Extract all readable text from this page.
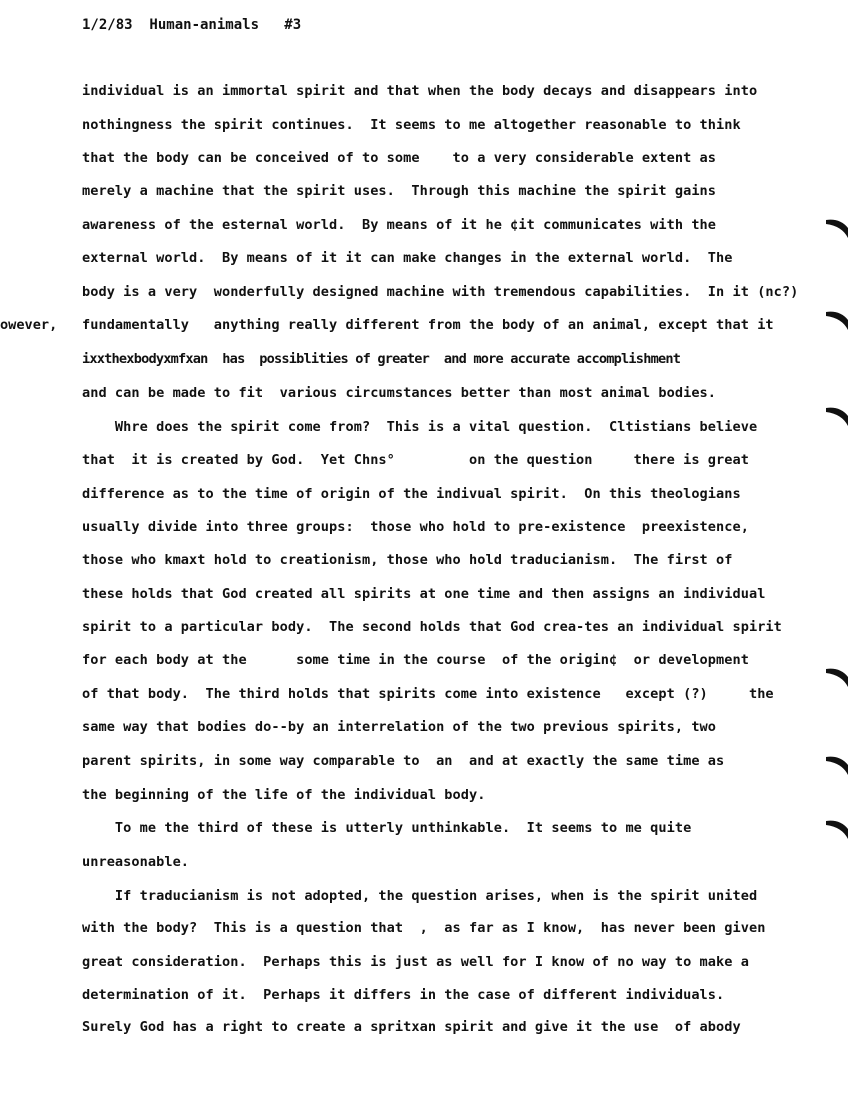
1/2/83  Human-animals   #3
owever,
individual is an immortal spirit and that when the body decays and disappears into
nothingness the spirit continues.  It seems to me altogether reasonable to think
that the body can be conceived of to some    to a very considerable extent as
merely a machine that the spirit uses.  Through this machine the spirit gains
awareness of the esternal world.  By means of it he ¢it communicates with the
external world.  By means of it it can make changes in the external world.  The
body is a very  wonderfully designed machine with tremendous capabilities.  In it (nc?)
fundamentally   anything really different from the body of an animal, except that it
ixxthexbodyxmfxan  has  possiblities of greater  and more accurate accomplishment
and can be made to fit  various circumstances better than most animal bodies.
Whre does the spirit come from?  This is a vital question.  Cltistians believe
that  it is created by God.  Yet Chns°         on the question     there is great
difference as to the time of origin of the indivual spirit.  On this theologians
usually divide into three groups:  those who hold to pre-existence  preexistence,
those who kmaxt hold to creationism, those who hold traducianism.  The first of
these holds that God created all spirits at one time and then assigns an individual
spirit to a particular body.  The second holds that God crea-tes an individual spirit
for each body at the      some time in the course  of the origin¢  or development
of that body.  The third holds that spirits come into existence   except (?)     the
same way that bodies do--by an interrelation of the two previous spirits, two
parent spirits, in some way comparable to  an  and at exactly the same time as
the beginning of the life of the individual body.
To me the third of these is utterly unthinkable.  It seems to me quite
unreasonable.
If traducianism is not adopted, the question arises, when is the spirit united
with the body?  This is a question that  ,  as far as I know,  has never been given
great consideration.  Perhaps this is just as well for I know of no way to make a
determination of it.  Perhaps it differs in the case of different individuals.
Surely God has a right to create a spritxan spirit and give it the use  of abody
